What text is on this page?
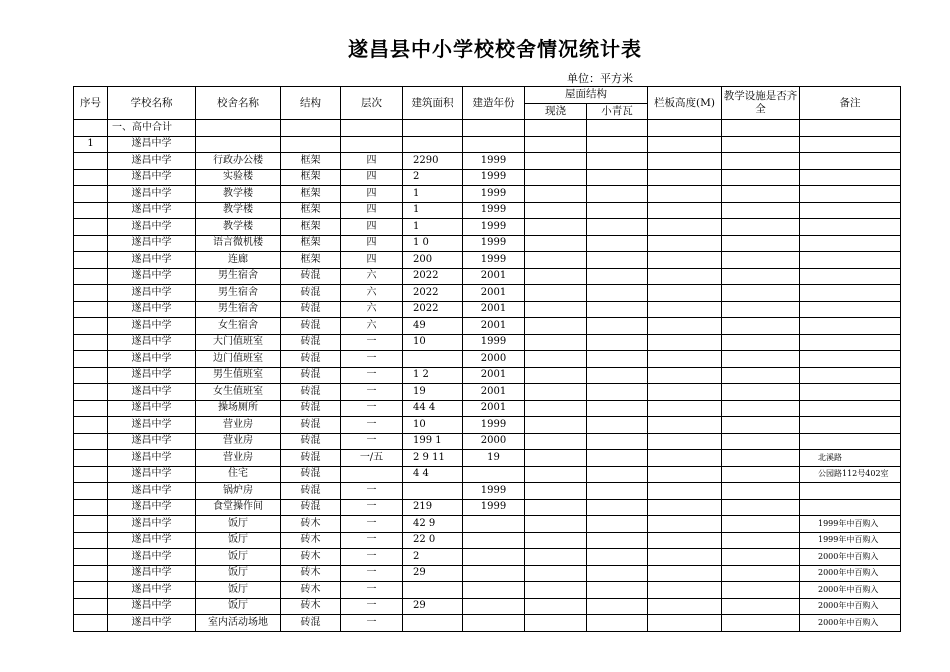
遂昌县中小学校校舍情况统计表
单位：平方米
序号	学校名称	校舍名称	结构	层次	建筑面积	建造年份	屋面结构		栏板高度(M)	教学设施是否齐全	备注
							现浇	小青瓦			
	一、高中合计										
1	遂昌中学										
	遂昌中学	行政办公楼	框架	四	2290	1999					
	遂昌中学	实验楼	框架	四	2	1999					
	遂昌中学	教学楼	框架	四	1	1999					
	遂昌中学	教学楼	框架	四	1	1999					
	遂昌中学	教学楼	框架	四	1	1999					
	遂昌中学	语言微机楼	框架	四	1 0	1999					
	遂昌中学	连廊	框架	四	200	1999					
	遂昌中学	男生宿舍	砖混	六	2022	2001					
	遂昌中学	男生宿舍	砖混	六	2022	2001					
	遂昌中学	男生宿舍	砖混	六	2022	2001					
	遂昌中学	女生宿舍	砖混	六	49	2001					
	遂昌中学	大门值班室	砖混	一	10	1999					
	遂昌中学	边门值班室	砖混	一		2000					
	遂昌中学	男生值班室	砖混	一	1 2	2001					
	遂昌中学	女生值班室	砖混	一	19	2001					
	遂昌中学	操场厕所	砖混	一	44 4	2001					
	遂昌中学	营业房	砖混	一	10	1999					
	遂昌中学	营业房	砖混	一	199 1	2000					
	遂昌中学	营业房	砖混	一/五	2 9 11	19					北溪路
	遂昌中学	住宅	砖混		4 4						公园路112号402室
	遂昌中学	锅炉房	砖混	一		1999					
	遂昌中学	食堂操作间	砖混	一	219	1999					
	遂昌中学	饭厅	砖木	一	42 9						1999年中百购入
	遂昌中学	饭厅	砖木	一	22 0						1999年中百购入
	遂昌中学	饭厅	砖木	一	2						2000年中百购入
	遂昌中学	饭厅	砖木	一	29						2000年中百购入
	遂昌中学	饭厅	砖木	一							2000年中百购入
	遂昌中学	饭厅	砖木	一	29						2000年中百购入
	遂昌中学	室内活动场地	砖混	一							2000年中百购入
